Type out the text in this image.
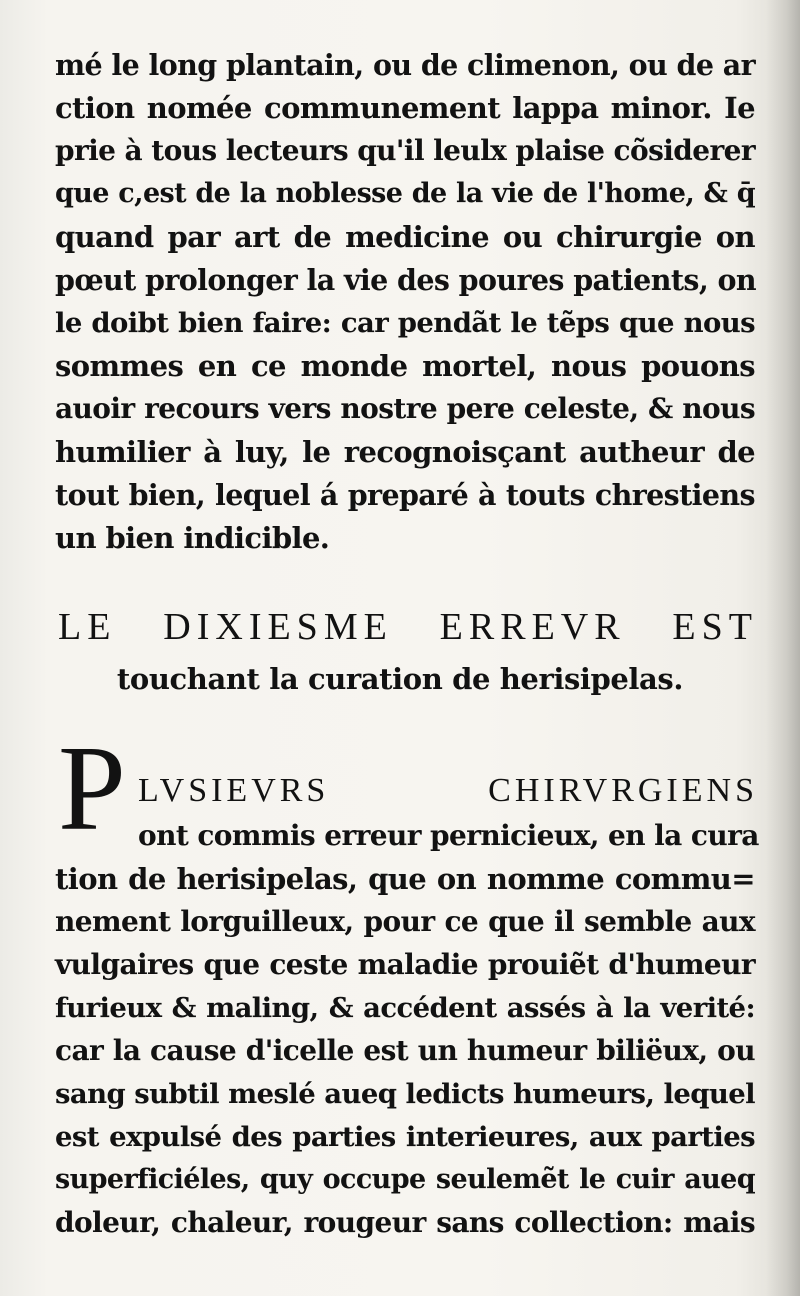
mé le long plantain, ou de climenon, ou de ar
ction nomée communement lappa minor. Ie
prie à tous lecteurs qu'il leulx plaise cõsiderer
que c,est de la noblesse de la vie de l'home, & q̄
quand par art de medicine ou chirurgie on
pœut prolonger la vie des poures patients, on
le doibt bien faire: car pendãt le tẽps que nous
sommes en ce monde mortel, nous pouons
auoir recours vers nostre pere celeste, & nous
humilier à luy, le recognoisçant autheur de
tout bien, lequel á preparé à touts chrestiens
un bien indicible.
LE DIXIESME ERREVR EST
touchant la curation de herisipelas.
P LVSIEVRS CHIRVRGIENS
ont commis erreur pernicieux, en la cura
tion de herisipelas, que on nomme commu=
nement lorguilleux, pour ce que il semble aux
vulgaires que ceste maladie prouiẽt d'humeur
furieux & maling, & accédent assés à la verité:
car la cause d'icelle est un humeur biliëux, ou
sang subtil meslé aueq ledicts humeurs, lequel
est expulsé des parties interieures, aux parties
superficiéles, quy occupe seulemẽt le cuir aueq
doleur, chaleur, rougeur sans collection: mais
